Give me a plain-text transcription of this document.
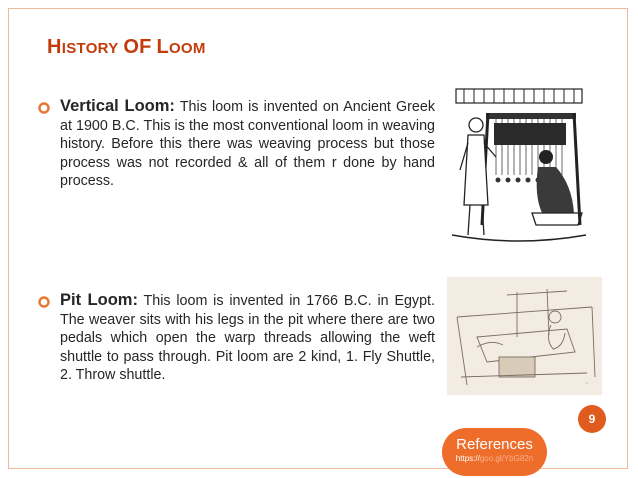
HISTORY OF LOOM
Vertical Loom: This loom is invented on Ancient Greek at 1900 B.C. This is the most conventional loom in weaving history. Before this there was weaving process but those process was not recorded & all of them r done by hand process.
Pit Loom: This loom is invented in 1766 B.C. in Egypt. The weaver sits with his legs in the pit where there are two pedals which open the warp threads allowing the weft shuttle to pass through. Pit loom are 2 kind, 1. Fly Shuttle, 2. Throw shuttle.
~
9
References
https://goo.gl/YbG82n
